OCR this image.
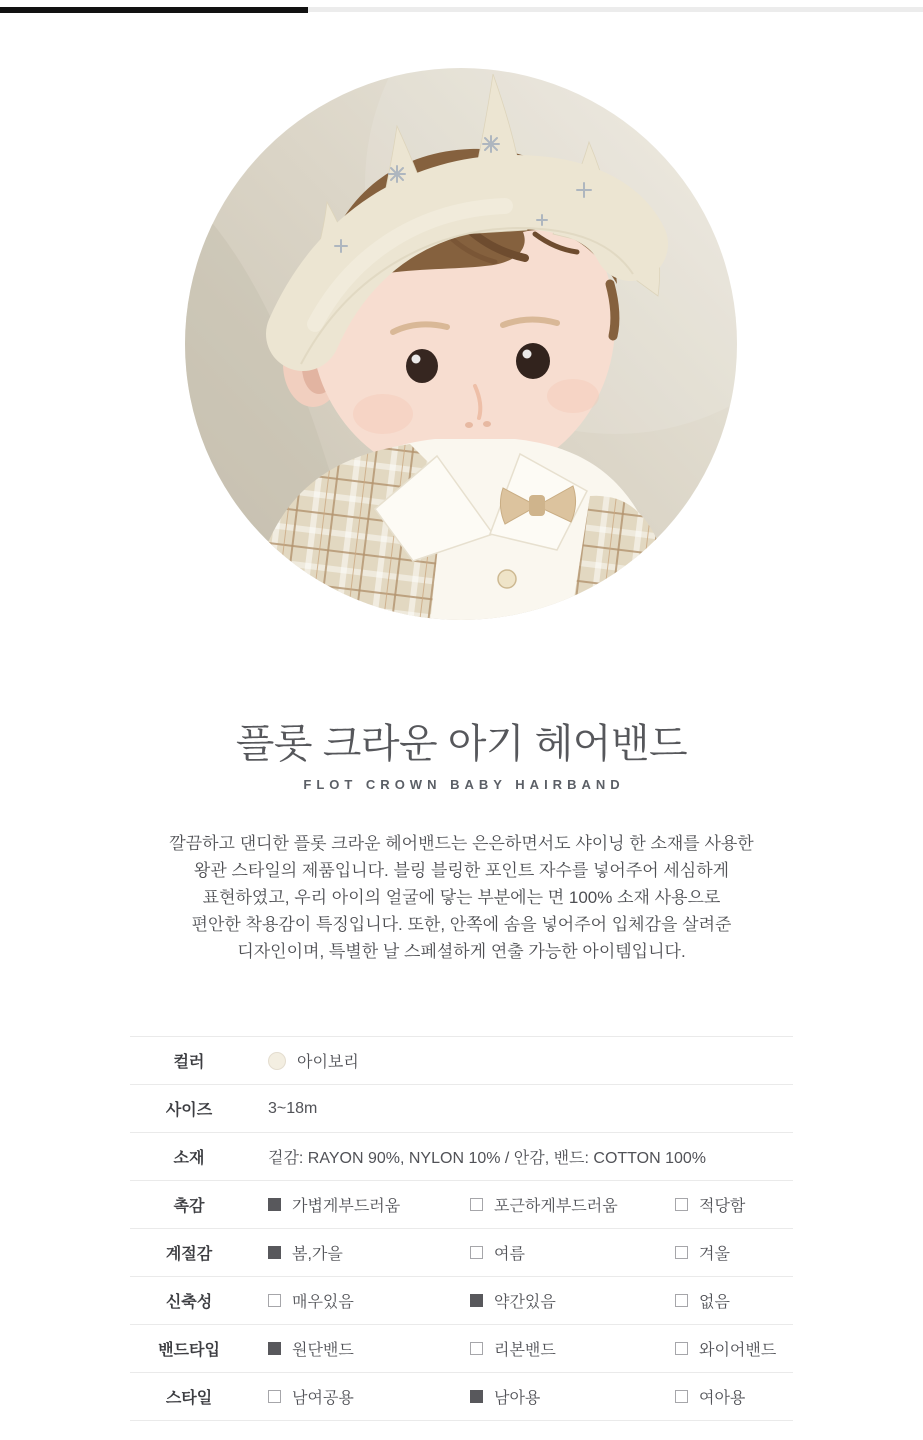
플롯 크라운 아기 헤어밴드
FLOT CROWN BABY HAIRBAND
깔끔하고 댄디한 플롯 크라운 헤어밴드는 은은하면서도 샤이닝 한 소재를 사용한
왕관 스타일의 제품입니다. 블링 블링한 포인트 자수를 넣어주어 세심하게
표현하였고, 우리 아이의 얼굴에 닿는 부분에는 면 100% 소재 사용으로
편안한 착용감이 특징입니다. 또한, 안쪽에 솜을 넣어주어 입체감을 살려준
디자인이며, 특별한 날 스페셜하게 연출 가능한 아이템입니다.
컬러	아이보리
사이즈	3~18m
소재	겉감: RAYON 90%, NYLON 10% / 안감, 밴드: COTTON 100%
촉감	가볍게부드러움	포근하게부드러움	적당함
계절감	봄,가을	여름	겨울
신축성	매우있음	약간있음	없음
밴드타입	원단밴드	리본밴드	와이어밴드
스타일	남여공용	남아용	여아용
